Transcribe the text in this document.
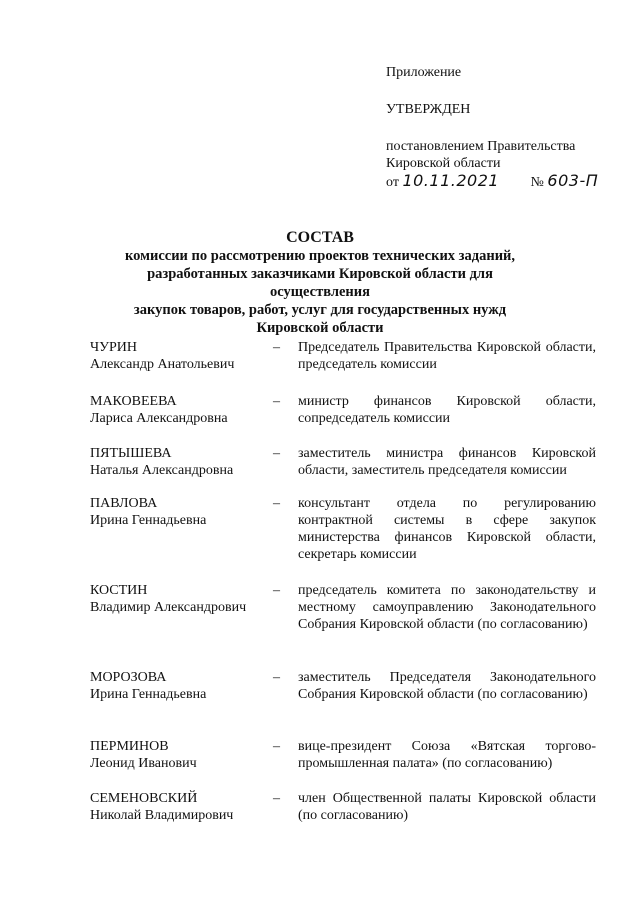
Приложение
УТВЕРЖДЕН
постановлением Правительства
Кировской области
от 10.11.2021 № 603-П
СОСТАВ
комиссии по рассмотрению проектов технических заданий,
разработанных заказчиками Кировской области для осуществления
закупок товаров, работ, услуг для государственных нужд
Кировской области
ЧУРИН
Александр Анатольевич
– Председатель Правительства Кировской области, председатель комиссии
МАКОВЕЕВА
Лариса Александровна
– министр финансов Кировской области, сопредседатель комиссии
ПЯТЫШЕВА
Наталья Александровна
– заместитель министра финансов Кировской области, заместитель председателя комиссии
ПАВЛОВА
Ирина Геннадьевна
– консультант отдела по регулированию контрактной системы в сфере закупок министерства финансов Кировской области, секретарь комиссии
КОСТИН
Владимир Александрович
– председатель комитета по законодательству и местному самоуправлению Законодательного Собрания Кировской области (по согласованию)
МОРОЗОВА
Ирина Геннадьевна
– заместитель Председателя Законодательного Собрания Кировской области (по согласованию)
ПЕРМИНОВ
Леонид Иванович
– вице-президент Союза «Вятская торгово-промышленная палата» (по согласованию)
СЕМЕНОВСКИЙ
Николай Владимирович
– член Общественной палаты Кировской области (по согласованию)
